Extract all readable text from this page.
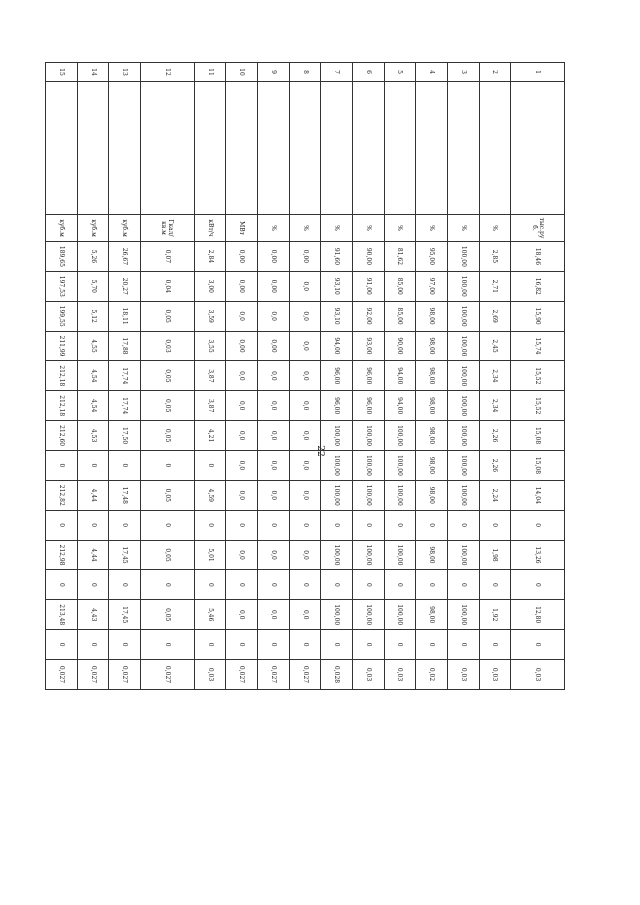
22
1		тыс.руб.	18,46	16,82	15,90	15,74	15,52	15,52	15,08	15,08	14,04	0	13,26	0	12,80	0	0,03
2		%	2,85	2,71	2,69	2,45	2,34	2,34	2,26	2,26	2,24	0	1,98	0	1,92	0	0,03
3		%	100,00	100,00	100,00	100,00	100,00	100,00	100,00	100,00	100,00	0	100,00	0	100,00	0	0,03
4		%	95,00	97,00	98,00	98,00	98,00	98,00	98,00	98,00	98,00	0	98,00	0	98,00	0	0,02
5		%	81,62	85,00	85,00	90,00	94,00	94,00	100,00	100,00	100,00	0	100,00	0	100,00	0	0,03
6		%	90,00	91,00	92,00	93,00	96,00	96,00	100,00	100,00	100,00	0	100,00	0	100,00	0	0,03
7		%	91,60	93,10	93,10	94,00	96,00	96,00	100,00	100,00	100,00	0	100,00	0	100,00	0	0,028
8		%	0,00	0,0	0,0	0,0	0,0	0,0	0,0	0,0	0,0	0	0,0	0	0,0	0	0,027
9		%	0,00	0,00	0,0	0,00	0,0	0,0	0,0	0,0	0,0	0	0,0	0	0,0	0	0,027
10		МВт	0,00	0,00	0,0	0,00	0,0	0,0	0,0	0,0	0,0	0	0,0	0	0,0	0	0,027
11		кВт/ч	2,84	3,00	3,59	3,55	3,87	3,87	4,21	0	4,59	0	5,01	0	5,46	0	0,03
12		Гкал/кв.м	0,07	0,04	0,05	0,03	0,05	0,05	0,05	0	0,05	0	0,05	0	0,05	0	0,027
13		куб.м	26,67	20,27	18,11	17,88	17,74	17,74	17,50	0	17,48	0	17,45	0	17,45	0	0,027
14		куб.м	5,26	5,70	5,12	4,55	4,54	4,54	4,53	0	4,44	0	4,44	0	4,43	0	0,027
15		куб.м	189,65	197,53	199,55	211,99	212,18	212,18	212,60	0	212,82	0	212,98	0	213,48	0	0,027
